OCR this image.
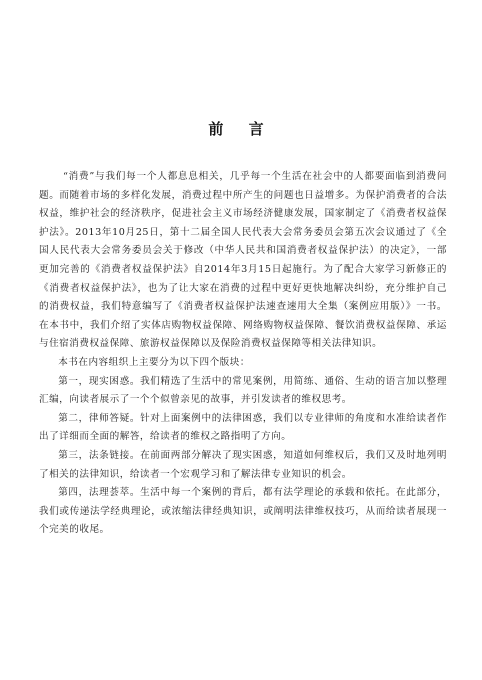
前 言

“消费”与我们每一个人都息息相关，几乎每一个生活在社会中的人都要面临到消费问题。而随着市场的多样化发展，消费过程中所产生的问题也日益增多。为保护消费者的合法权益，维护社会的经济秩序，促进社会主义市场经济健康发展，国家制定了《消费者权益保护法》。2013年10月25日，第十二届全国人民代表大会常务委员会第五次会议通过了《全国人民代表大会常务委员会关于修改（中华人民共和国消费者权益保护法）的决定》，一部更加完善的《消费者权益保护法》自2014年3月15日起施行。为了配合大家学习新修正的《消费者权益保护法》，也为了让大家在消费的过程中更好更快地解决纠纷，充分维护自己的消费权益，我们特意编写了《消费者权益保护法速查速用大全集（案例应用版）》一书。在本书中，我们介绍了实体店购物权益保障、网络购物权益保障、餐饮消费权益保障、承运与住宿消费权益保障、旅游权益保障以及保险消费权益保障等相关法律知识。

本书在内容组织上主要分为以下四个版块：

第一，现实困惑。我们精选了生活中的常见案例，用简练、通俗、生动的语言加以整理汇编，向读者展示了一个个似曾亲见的故事，并引发读者的维权思考。

第二，律师答疑。针对上面案例中的法律困惑，我们以专业律师的角度和水准给读者作出了详细而全面的解答，给读者的维权之路指明了方向。

第三，法条链接。在前面两部分解决了现实困惑，知道如何维权后，我们又及时地列明了相关的法律知识，给读者一个宏观学习和了解法律专业知识的机会。

第四，法理荟萃。生活中每一个案例的背后，都有法学理论的承载和依托。在此部分，我们或传递法学经典理论，或浓缩法律经典知识，或阐明法律维权技巧，从而给读者展现一个完美的收尾。
